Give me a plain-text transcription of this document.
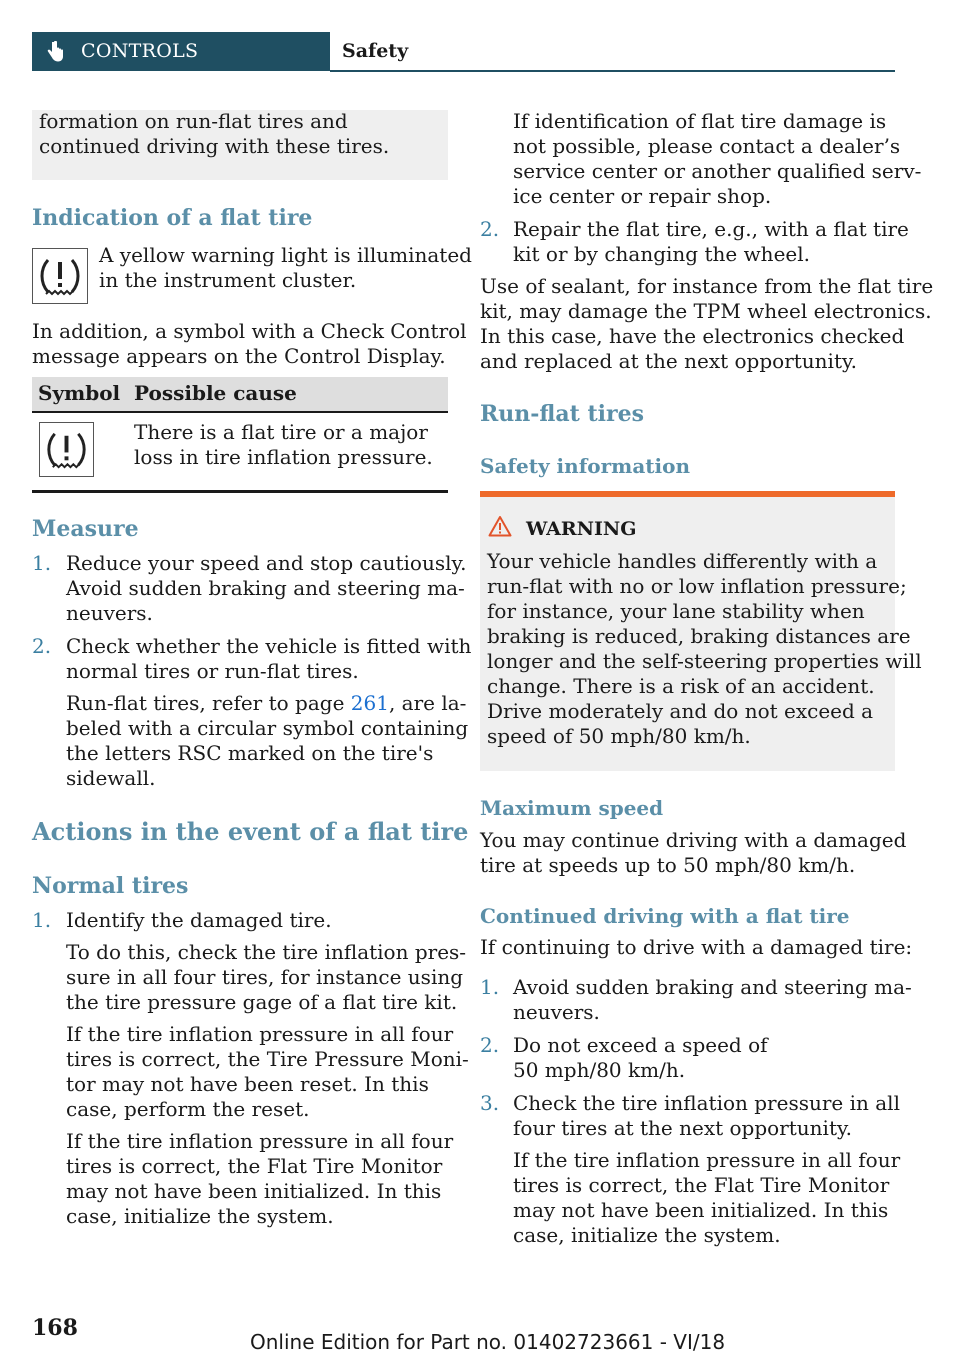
CONTROLS	Safety
formation on run-flat tires and continued driving with these tires.
Indication of a flat tire
A yellow warning light is illuminated
in the instrument cluster.
In addition, a symbol with a Check Control
message appears on the Control Display.
Symbol Possible cause
There is a flat tire or a major
loss in tire inflation pressure.
Measure
1. Reduce your speed and stop cautiously.
Avoid sudden braking and steering ma-
neuvers.
2. Check whether the vehicle is fitted with
normal tires or run-flat tires.
Run-flat tires, refer to page 261, are la-
beled with a circular symbol containing
the letters RSC marked on the tire's
sidewall.
Actions in the event of a flat tire
Normal tires
1. Identify the damaged tire.
To do this, check the tire inflation pres-
sure in all four tires, for instance using
the tire pressure gage of a flat tire kit.
If the tire inflation pressure in all four
tires is correct, the Tire Pressure Moni-
tor may not have been reset. In this
case, perform the reset.
If the tire inflation pressure in all four
tires is correct, the Flat Tire Monitor
may not have been initialized. In this
case, initialize the system.
If identification of flat tire damage is
not possible, please contact a dealer’s
service center or another qualified serv-
ice center or repair shop.
2. Repair the flat tire, e.g., with a flat tire
kit or by changing the wheel.
Use of sealant, for instance from the flat tire
kit, may damage the TPM wheel electronics.
In this case, have the electronics checked
and replaced at the next opportunity.
Run-flat tires
Safety information
WARNING
Your vehicle handles differently with a
run-flat with no or low inflation pressure;
for instance, your lane stability when
braking is reduced, braking distances are
longer and the self-steering properties will
change. There is a risk of an accident.
Drive moderately and do not exceed a
speed of 50 mph/80 km/h.
Maximum speed
You may continue driving with a damaged
tire at speeds up to 50 mph/80 km/h.
Continued driving with a flat tire
If continuing to drive with a damaged tire:
1. Avoid sudden braking and steering ma-
neuvers.
2. Do not exceed a speed of
50 mph/80 km/h.
3. Check the tire inflation pressure in all
four tires at the next opportunity.
If the tire inflation pressure in all four
tires is correct, the Flat Tire Monitor
may not have been initialized. In this
case, initialize the system.
168
Online Edition for Part no. 01402723661 - VI/18
